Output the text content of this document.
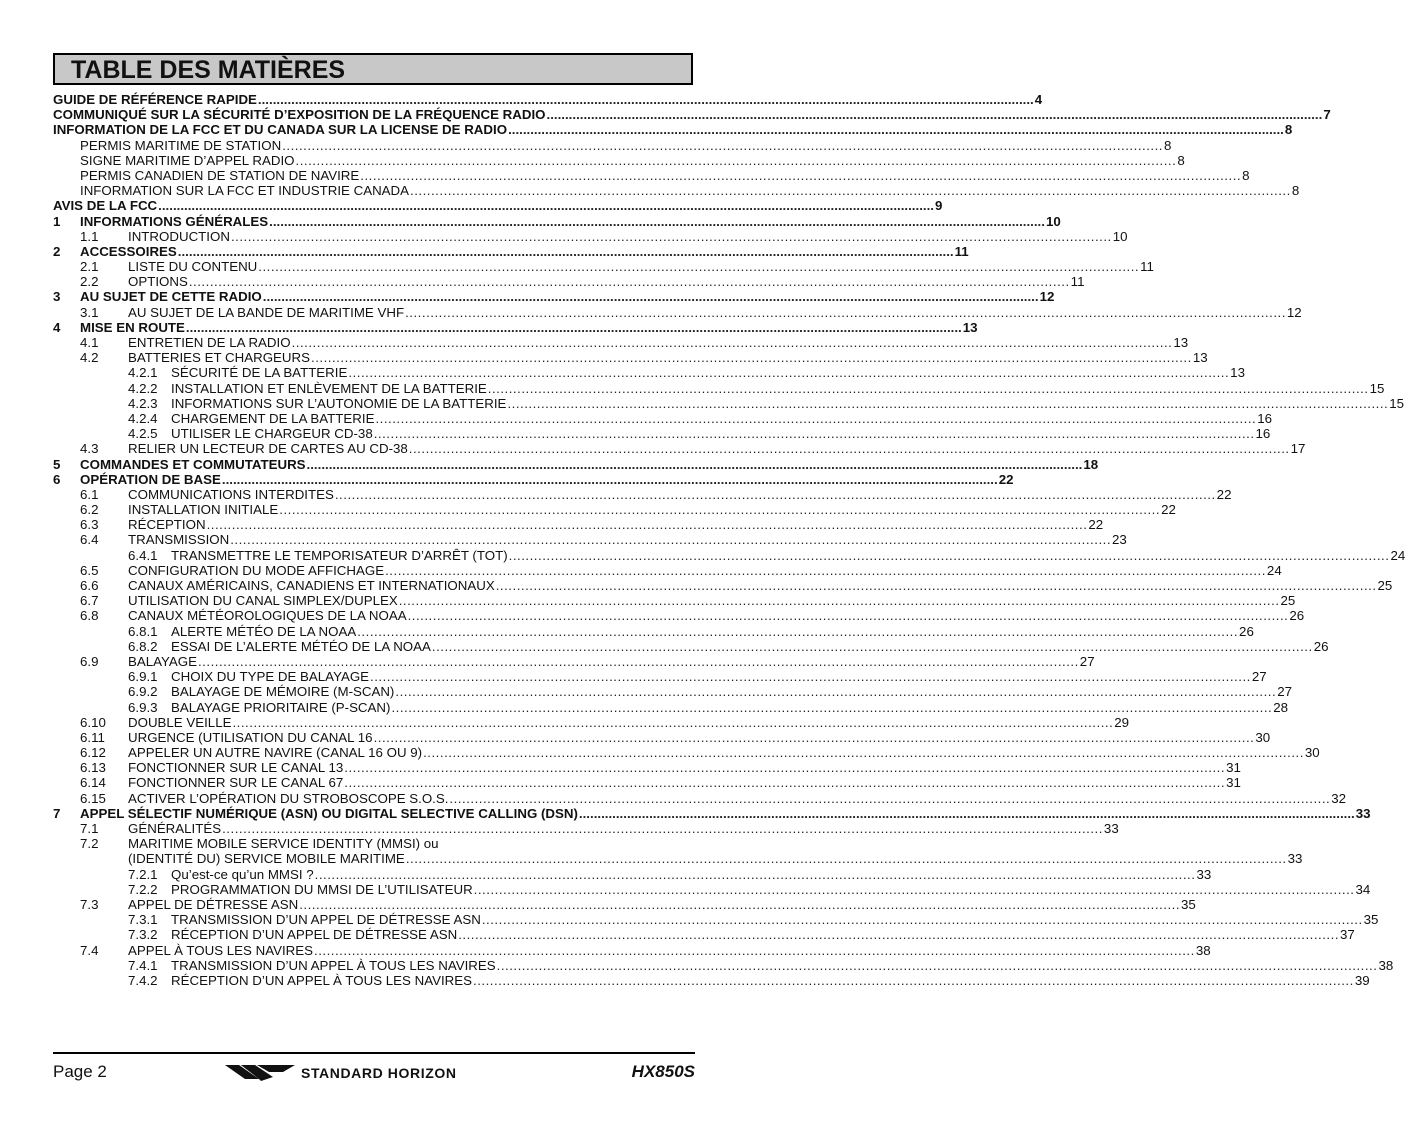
TABLE DES MATIÈRES
GUIDE DE RÉFÉRENCE RAPIDE .................................................................................................................................................................................................................. 4
COMMUNIQUÉ SUR LA SÉCURITÉ D’EXPOSITION DE LA FRÉQUENCE RADIO .................................................................................................................................................................................................................. 7
INFORMATION DE LA FCC ET DU CANADA SUR LA LICENSE DE RADIO .................................................................................................................................................................................................................. 8
PERMIS MARITIME DE STATION .................................................................................................................................................................................................................. 8
SIGNE MARITIME D’APPEL RADIO .................................................................................................................................................................................................................. 8
PERMIS CANADIEN DE STATION DE NAVIRE .................................................................................................................................................................................................................. 8
INFORMATION SUR LA FCC ET INDUSTRIE CANADA .................................................................................................................................................................................................................. 8
AVIS DE LA FCC .................................................................................................................................................................................................................. 9
1	INFORMATIONS GÉNÉRALES .................................................................................................................................................................................................................. 10
1.1	INTRODUCTION .................................................................................................................................................................................................................. 10
2	ACCESSOIRES .................................................................................................................................................................................................................. 11
2.1	LISTE DU CONTENU .................................................................................................................................................................................................................. 11
2.2	OPTIONS .................................................................................................................................................................................................................. 11
3	AU SUJET DE CETTE RADIO .................................................................................................................................................................................................................. 12
3.1	AU SUJET DE LA BANDE DE MARITIME VHF .................................................................................................................................................................................................................. 12
4	MISE EN ROUTE .................................................................................................................................................................................................................. 13
4.1	ENTRETIEN DE LA RADIO .................................................................................................................................................................................................................. 13
4.2	BATTERIES ET CHARGEURS .................................................................................................................................................................................................................. 13
4.2.1	SÉCURITÉ DE LA BATTERIE .................................................................................................................................................................................................................. 13
4.2.2	INSTALLATION ET ENLÈVEMENT DE LA BATTERIE .................................................................................................................................................................................................................. 15
4.2.3	INFORMATIONS SUR L’AUTONOMIE DE LA BATTERIE .................................................................................................................................................................................................................. 15
4.2.4	CHARGEMENT DE LA BATTERIE .................................................................................................................................................................................................................. 16
4.2.5	UTILISER LE CHARGEUR CD-38 .................................................................................................................................................................................................................. 16
4.3	RELIER UN LECTEUR DE CARTES AU CD-38 .................................................................................................................................................................................................................. 17
5	COMMANDES ET COMMUTATEURS .................................................................................................................................................................................................................. 18
6	OPÉRATION DE BASE .................................................................................................................................................................................................................. 22
6.1	COMMUNICATIONS INTERDITES .................................................................................................................................................................................................................. 22
6.2	INSTALLATION INITIALE .................................................................................................................................................................................................................. 22
6.3	RÉCEPTION .................................................................................................................................................................................................................. 22
6.4	TRANSMISSION .................................................................................................................................................................................................................. 23
6.4.1	TRANSMETTRE LE TEMPORISATEUR D’ARRÊT (TOT) .................................................................................................................................................................................................................. 24
6.5	CONFIGURATION DU MODE AFFICHAGE .................................................................................................................................................................................................................. 24
6.6	CANAUX AMÉRICAINS, CANADIENS ET INTERNATIONAUX .................................................................................................................................................................................................................. 25
6.7	UTILISATION DU CANAL SIMPLEX/DUPLEX .................................................................................................................................................................................................................. 25
6.8	CANAUX MÉTÉOROLOGIQUES DE LA NOAA .................................................................................................................................................................................................................. 26
6.8.1	ALERTE MÉTÉO DE LA NOAA .................................................................................................................................................................................................................. 26
6.8.2	ESSAI DE L’ALERTE MÉTÉO DE LA NOAA .................................................................................................................................................................................................................. 26
6.9	BALAYAGE .................................................................................................................................................................................................................. 27
6.9.1	CHOIX DU TYPE DE BALAYAGE .................................................................................................................................................................................................................. 27
6.9.2	BALAYAGE DE MÉMOIRE (M-SCAN) .................................................................................................................................................................................................................. 27
6.9.3	BALAYAGE PRIORITAIRE (P-SCAN) .................................................................................................................................................................................................................. 28
6.10	DOUBLE VEILLE .................................................................................................................................................................................................................. 29
6.11	URGENCE (UTILISATION DU CANAL 16 .................................................................................................................................................................................................................. 30
6.12	APPELER UN AUTRE NAVIRE (CANAL 16 OU 9) .................................................................................................................................................................................................................. 30
6.13	FONCTIONNER SUR LE CANAL 13 .................................................................................................................................................................................................................. 31
6.14	FONCTIONNER SUR LE CANAL 67 .................................................................................................................................................................................................................. 31
6.15	ACTIVER L’OPÉRATION DU STROBOSCOPE S.O.S. .................................................................................................................................................................................................................. 32
7	APPEL SÉLECTIF NUMÉRIQUE (ASN) OU DIGITAL SELECTIVE CALLING (DSN) .................................................................................................................................................................................................................. 33
7.1	GÉNÉRALITÉS .................................................................................................................................................................................................................. 33
7.2	MARITIME MOBILE SERVICE IDENTITY (MMSI) ou
(IDENTITÉ DU) SERVICE MOBILE MARITIME .................................................................................................................................................................................................................. 33
7.2.1	Qu’est-ce qu’un MMSI ? .................................................................................................................................................................................................................. 33
7.2.2	PROGRAMMATION DU MMSI DE L’UTILISATEUR .................................................................................................................................................................................................................. 34
7.3	APPEL DE DÉTRESSE ASN .................................................................................................................................................................................................................. 35
7.3.1	TRANSMISSION D’UN APPEL DE DÉTRESSE ASN .................................................................................................................................................................................................................. 35
7.3.2	RÉCEPTION D’UN APPEL DE DÉTRESSE ASN .................................................................................................................................................................................................................. 37
7.4	APPEL À TOUS LES NAVIRES .................................................................................................................................................................................................................. 38
7.4.1	TRANSMISSION D’UN APPEL À TOUS LES NAVIRES .................................................................................................................................................................................................................. 38
7.4.2	RÉCEPTION D’UN APPEL À TOUS LES NAVIRES .................................................................................................................................................................................................................. 39
Page 2	STANDARD HORIZON	HX850S
